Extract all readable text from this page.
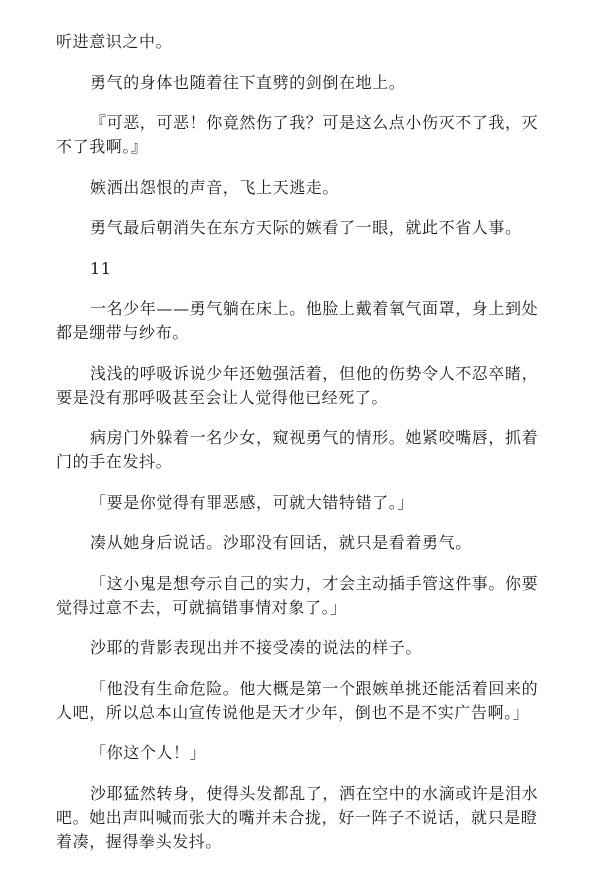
听进意识之中。

勇气的身体也随着往下直劈的剑倒在地上。

『可恶，可恶！你竟然伤了我？可是这么点小伤灭不了我，灭
不了我啊。』

嫉洒出怨恨的声音，飞上天逃走。

勇气最后朝消失在东方天际的嫉看了一眼，就此不省人事。

11

一名少年——勇气躺在床上。他脸上戴着氧气面罩，身上到处
都是绷带与纱布。

浅浅的呼吸诉说少年还勉强活着，但他的伤势令人不忍卒睹，
要是没有那呼吸甚至会让人觉得他已经死了。

病房门外躲着一名少女，窥视勇气的情形。她紧咬嘴唇，抓着
门的手在发抖。

「要是你觉得有罪恶感，可就大错特错了。」

凑从她身后说话。沙耶没有回话，就只是看着勇气。

「这小鬼是想夸示自己的实力，才会主动插手管这件事。你要
觉得过意不去，可就搞错事情对象了。」

沙耶的背影表现出并不接受凑的说法的样子。

「他没有生命危险。他大概是第一个跟嫉单挑还能活着回来的
人吧，所以总本山宣传说他是天才少年，倒也不是不实广告啊。」

「你这个人！」

沙耶猛然转身，使得头发都乱了，洒在空中的水滴或许是泪水
吧。她出声叫喊而张大的嘴并未合拢，好一阵子不说话，就只是瞪
着凑，握得拳头发抖。
